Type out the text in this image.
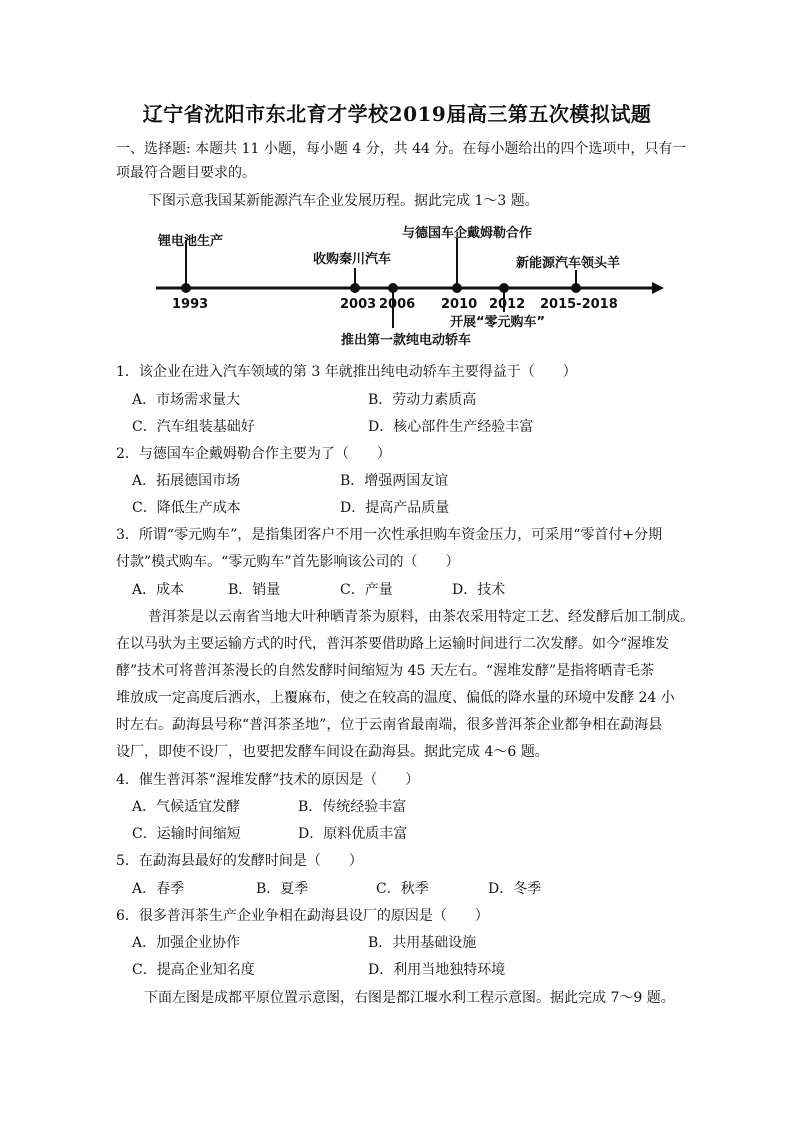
辽宁省沈阳市东北育才学校2019届高三第五次模拟试题
一、选择题: 本题共 11 小题，每小题 4 分，共 44 分。在每小题给出的四个选项中，只有一
项最符合题目要求的。
下图示意我国某新能源汽车企业发展历程。据此完成 1～3 题。
锂电池生产
1993
收购秦川汽车
2003
推出第一款纯电动轿车
2006
与德国车企戴姆勒合作
2010
开展“零元购车”
2012
新能源汽车领头羊
2015-2018
1．该企业在进入汽车领域的第 3 年就推出纯电动轿车主要得益于（　　）
A．市场需求量大	B．劳动力素质高
C．汽车组装基础好	D．核心部件生产经验丰富
2．与德国车企戴姆勒合作主要为了（　　）
A．拓展德国市场	B．增强两国友谊
C．降低生产成本	D．提高产品质量
3．所谓“零元购车”，是指集团客户不用一次性承担购车资金压力，可采用“零首付+分期
付款”模式购车。“零元购车”首先影响该公司的（　　）
A．成本	B．销量	C．产量	D．技术
普洱茶是以云南省当地大叶种晒青茶为原料，由茶农采用特定工艺、经发酵后加工制成。
在以马驮为主要运输方式的时代，普洱茶要借助路上运输时间进行二次发酵。如今“渥堆发
酵”技术可将普洱茶漫长的自然发酵时间缩短为 45 天左右。“渥堆发酵”是指将晒青毛茶
堆放成一定高度后洒水，上覆麻布，使之在较高的温度、偏低的降水量的环境中发酵 24 小
时左右。勐海县号称“普洱茶圣地”，位于云南省最南端，很多普洱茶企业都争相在勐海县
设厂，即使不设厂，也要把发酵车间设在勐海县。据此完成 4～6 题。
4．催生普洱茶“渥堆发酵”技术的原因是（　　）
A．气候适宜发酵	B．传统经验丰富
C．运输时间缩短	D．原料优质丰富
5．在勐海县最好的发酵时间是（　　）
A．春季	B．夏季	C．秋季	D．冬季
6．很多普洱茶生产企业争相在勐海县设厂的原因是（　　）
A．加强企业协作	B．共用基础设施
C．提高企业知名度	D．利用当地独特环境
下面左图是成都平原位置示意图，右图是都江堰水利工程示意图。据此完成 7～9 题。
